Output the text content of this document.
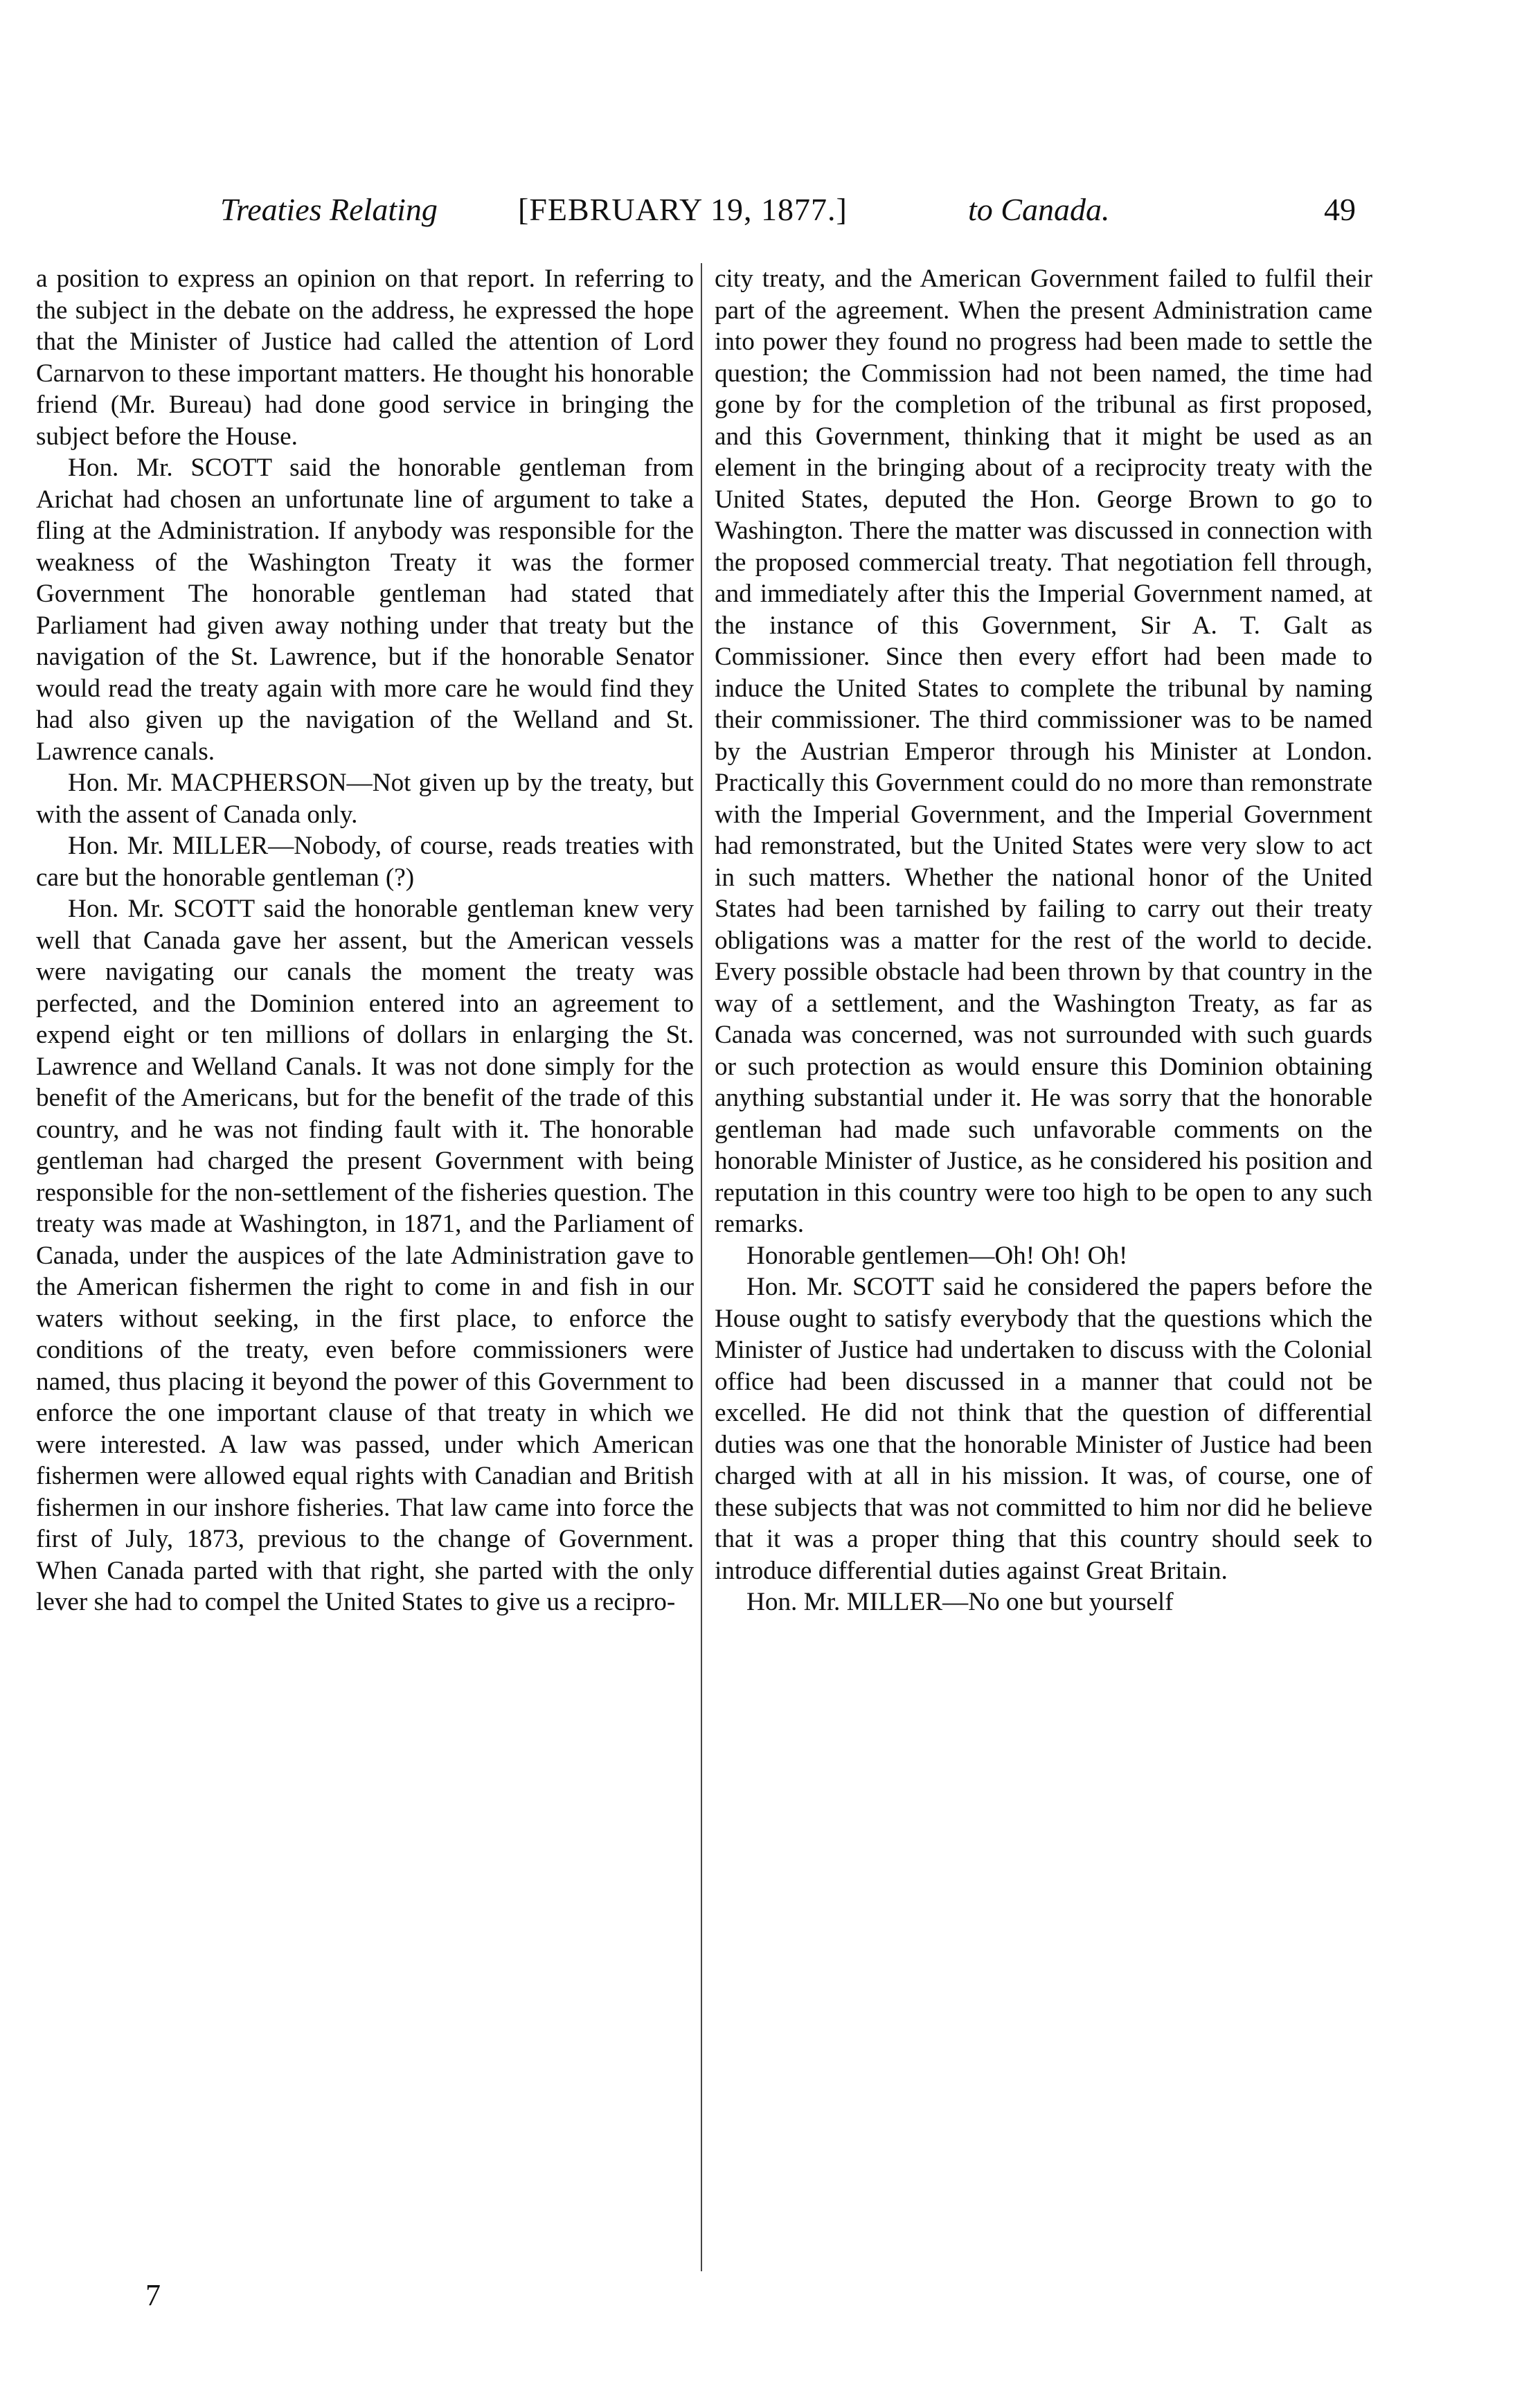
Treaties Relating	[FEBRUARY 19, 1877.]	to Canada.	49

a position to express an opinion on that report. In referring to the subject in the debate on the address, he expressed the hope that the Minister of Justice had called the attention of Lord Carnarvon to these important matters. He thought his honorable friend (Mr. Bureau) had done good service in bringing the subject before the House.

Hon. Mr. SCOTT said the honorable gentleman from Arichat had chosen an unfortunate line of argument to take a fling at the Administration. If anybody was responsible for the weakness of the Washington Treaty it was the former Government The honorable gentleman had stated that Parliament had given away nothing under that treaty but the navigation of the St. Lawrence, but if the honorable Senator would read the treaty again with more care he would find they had also given up the navigation of the Welland and St. Lawrence canals.

Hon. Mr. MACPHERSON—Not given up by the treaty, but with the assent of Canada only.

Hon. Mr. MILLER—Nobody, of course, reads treaties with care but the honorable gentleman (?)

Hon. Mr. SCOTT said the honorable gentleman knew very well that Canada gave her assent, but the American vessels were navigating our canals the moment the treaty was perfected, and the Dominion entered into an agreement to expend eight or ten millions of dollars in enlarging the St. Lawrence and Welland Canals. It was not done simply for the benefit of the Americans, but for the benefit of the trade of this country, and he was not finding fault with it. The honorable gentleman had charged the present Government with being responsible for the non-settlement of the fisheries question. The treaty was made at Washington, in 1871, and the Parliament of Canada, under the auspices of the late Administration gave to the American fishermen the right to come in and fish in our waters without seeking, in the first place, to enforce the conditions of the treaty, even before commissioners were named, thus placing it beyond the power of this Government to enforce the one important clause of that treaty in which we were interested. A law was passed, under which American fishermen were allowed equal rights with Canadian and British fishermen in our inshore fisheries. That law came into force the first of July, 1873, previous to the change of Government. When Canada parted with that right, she parted with the only lever she had to compel the United States to give us a recipro-

city treaty, and the American Government failed to fulfil their part of the agreement. When the present Administration came into power they found no progress had been made to settle the question; the Commission had not been named, the time had gone by for the completion of the tribunal as first proposed, and this Government, thinking that it might be used as an element in the bringing about of a reciprocity treaty with the United States, deputed the Hon. George Brown to go to Washington. There the matter was discussed in connection with the proposed commercial treaty. That negotiation fell through, and immediately after this the Imperial Government named, at the instance of this Government, Sir A. T. Galt as Commissioner. Since then every effort had been made to induce the United States to complete the tribunal by naming their commissioner. The third commissioner was to be named by the Austrian Emperor through his Minister at London. Practically this Government could do no more than remonstrate with the Imperial Government, and the Imperial Government had remonstrated, but the United States were very slow to act in such matters. Whether the national honor of the United States had been tarnished by failing to carry out their treaty obligations was a matter for the rest of the world to decide. Every possible obstacle had been thrown by that country in the way of a settlement, and the Washington Treaty, as far as Canada was concerned, was not surrounded with such guards or such protection as would ensure this Dominion obtaining anything substantial under it. He was sorry that the honorable gentleman had made such unfavorable comments on the honorable Minister of Justice, as he considered his position and reputation in this country were too high to be open to any such remarks.

Honorable gentlemen—Oh! Oh! Oh!

Hon. Mr. SCOTT said he considered the papers before the House ought to satisfy everybody that the questions which the Minister of Justice had undertaken to discuss with the Colonial office had been discussed in a manner that could not be excelled. He did not think that the question of differential duties was one that the honorable Minister of Justice had been charged with at all in his mission. It was, of course, one of these subjects that was not committed to him nor did he believe that it was a proper thing that this country should seek to introduce differential duties against Great Britain.

Hon. Mr. MILLER—No one but yourself

7
